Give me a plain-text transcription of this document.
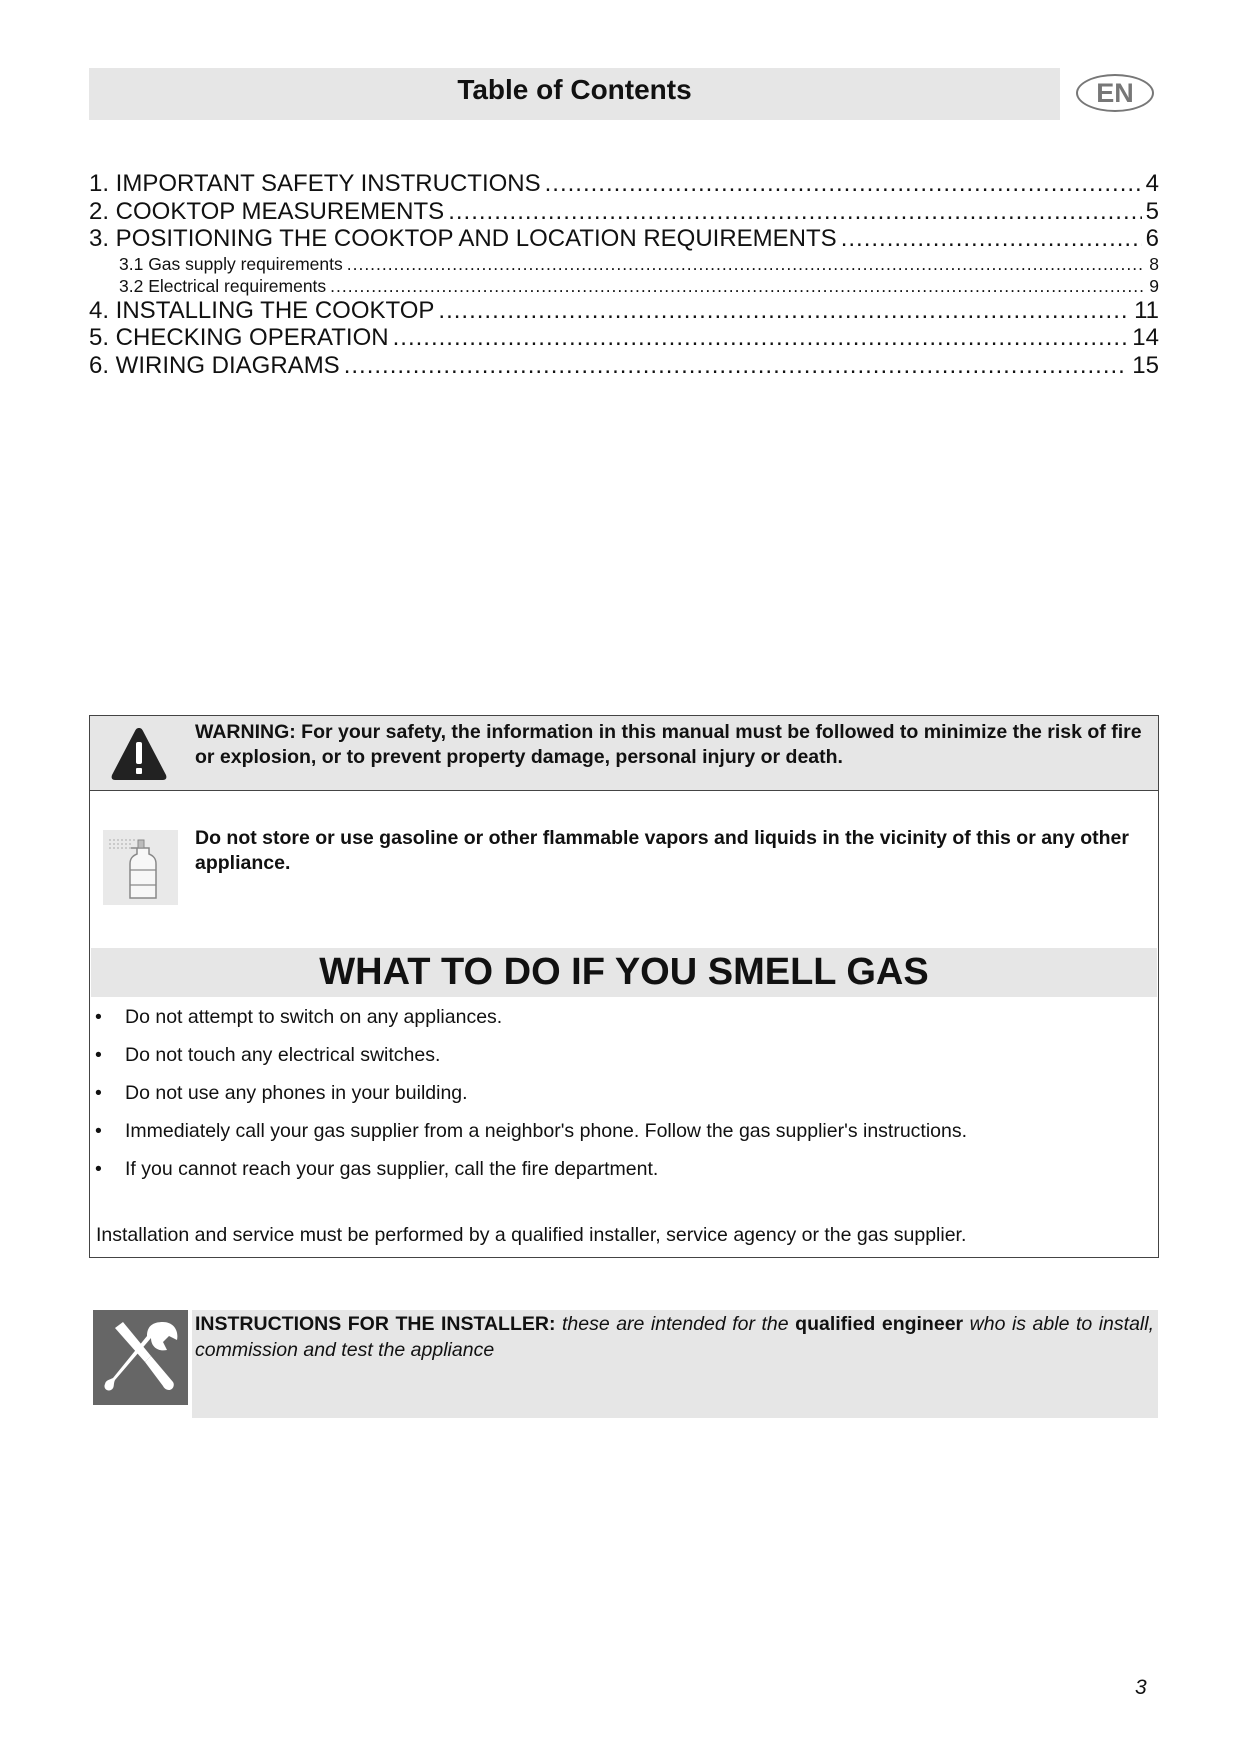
Table of Contents	EN
1. IMPORTANT SAFETY INSTRUCTIONS .....	4
2. COOKTOP MEASUREMENTS .....	5
3. POSITIONING THE COOKTOP AND LOCATION REQUIREMENTS .....	6
3.1 Gas supply requirements .....	8
3.2 Electrical requirements .....	9
4. INSTALLING THE COOKTOP .....	11
5. CHECKING OPERATION .....	14
6. WIRING DIAGRAMS .....	15
WARNING: For your safety, the information in this manual must be followed to minimize the risk of fire or explosion, or to prevent property damage, personal injury or death.
Do not store or use gasoline or other flammable vapors and liquids in the vicinity of this or any other appliance.
WHAT TO DO IF YOU SMELL GAS
• Do not attempt to switch on any appliances.
• Do not touch any electrical switches.
• Do not use any phones in your building.
• Immediately call your gas supplier from a neighbor's phone. Follow the gas supplier's instructions.
• If you cannot reach your gas supplier, call the fire department.
Installation and service must be performed by a qualified installer, service agency or the gas supplier.
INSTRUCTIONS FOR THE INSTALLER: these are intended for the qualified engineer who is able to install, commission and test the appliance
3
